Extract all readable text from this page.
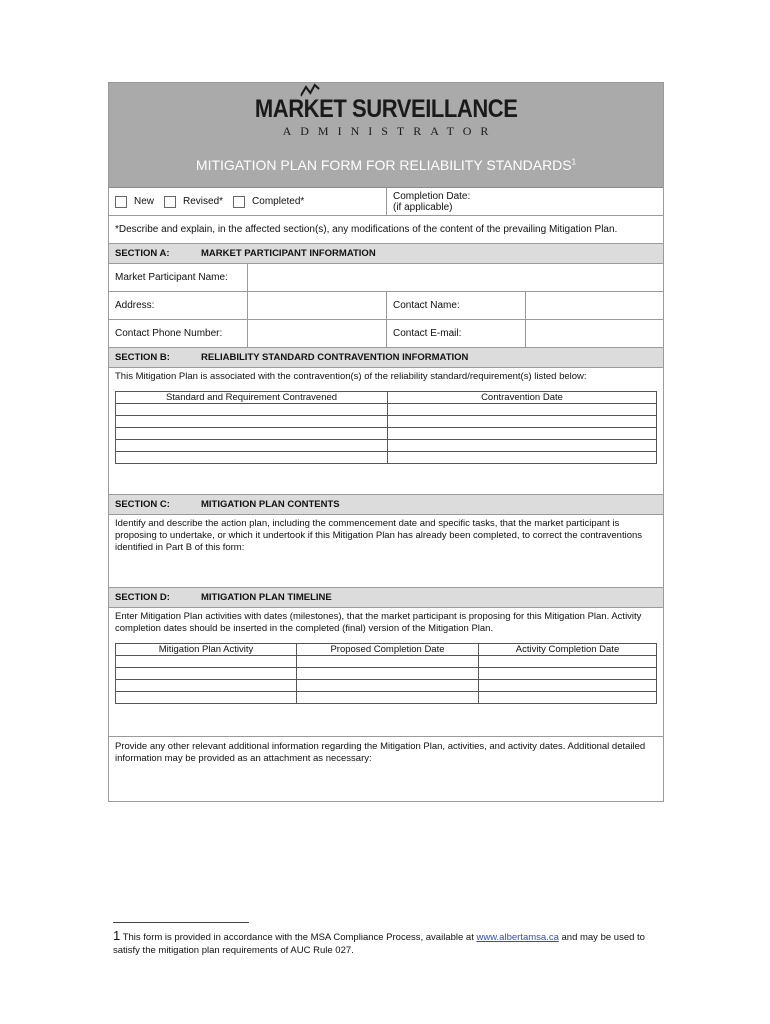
MARKET SURVEILLANCE
ADMINISTRATOR
MITIGATION PLAN FORM FOR RELIABILITY STANDARDS$^1$
New	Revised*	Completed*	Completion Date:
(if applicable)
*Describe and explain, in the affected section(s), any modifications of the content of the prevailing Mitigation Plan.
SECTION A:	MARKET PARTICIPANT INFORMATION
Market Participant Name:
Address:	Contact Name:
Contact Phone Number:	Contact E-mail:
SECTION B:	RELIABILITY STANDARD CONTRAVENTION INFORMATION
This Mitigation Plan is associated with the contravention(s) of the reliability standard/requirement(s) listed below:
Standard and Requirement Contravened	Contravention Date

SECTION C:	MITIGATION PLAN CONTENTS
Identify and describe the action plan, including the commencement date and specific tasks, that the market participant is proposing to undertake, or which it undertook if this Mitigation Plan has already been completed, to correct the contraventions identified in Part B of this form:
SECTION D:	MITIGATION PLAN TIMELINE
Enter Mitigation Plan activities with dates (milestones), that the market participant is proposing for this Mitigation Plan. Activity completion dates should be inserted in the completed (final) version of the Mitigation Plan.
Mitigation Plan Activity	Proposed Completion Date	Activity Completion Date

Provide any other relevant additional information regarding the Mitigation Plan, activities, and activity dates. Additional detailed information may be provided as an attachment as necessary:
1 This form is provided in accordance with the MSA Compliance Process, available at www.albertamsa.ca and may be used to satisfy the mitigation plan requirements of AUC Rule 027.
